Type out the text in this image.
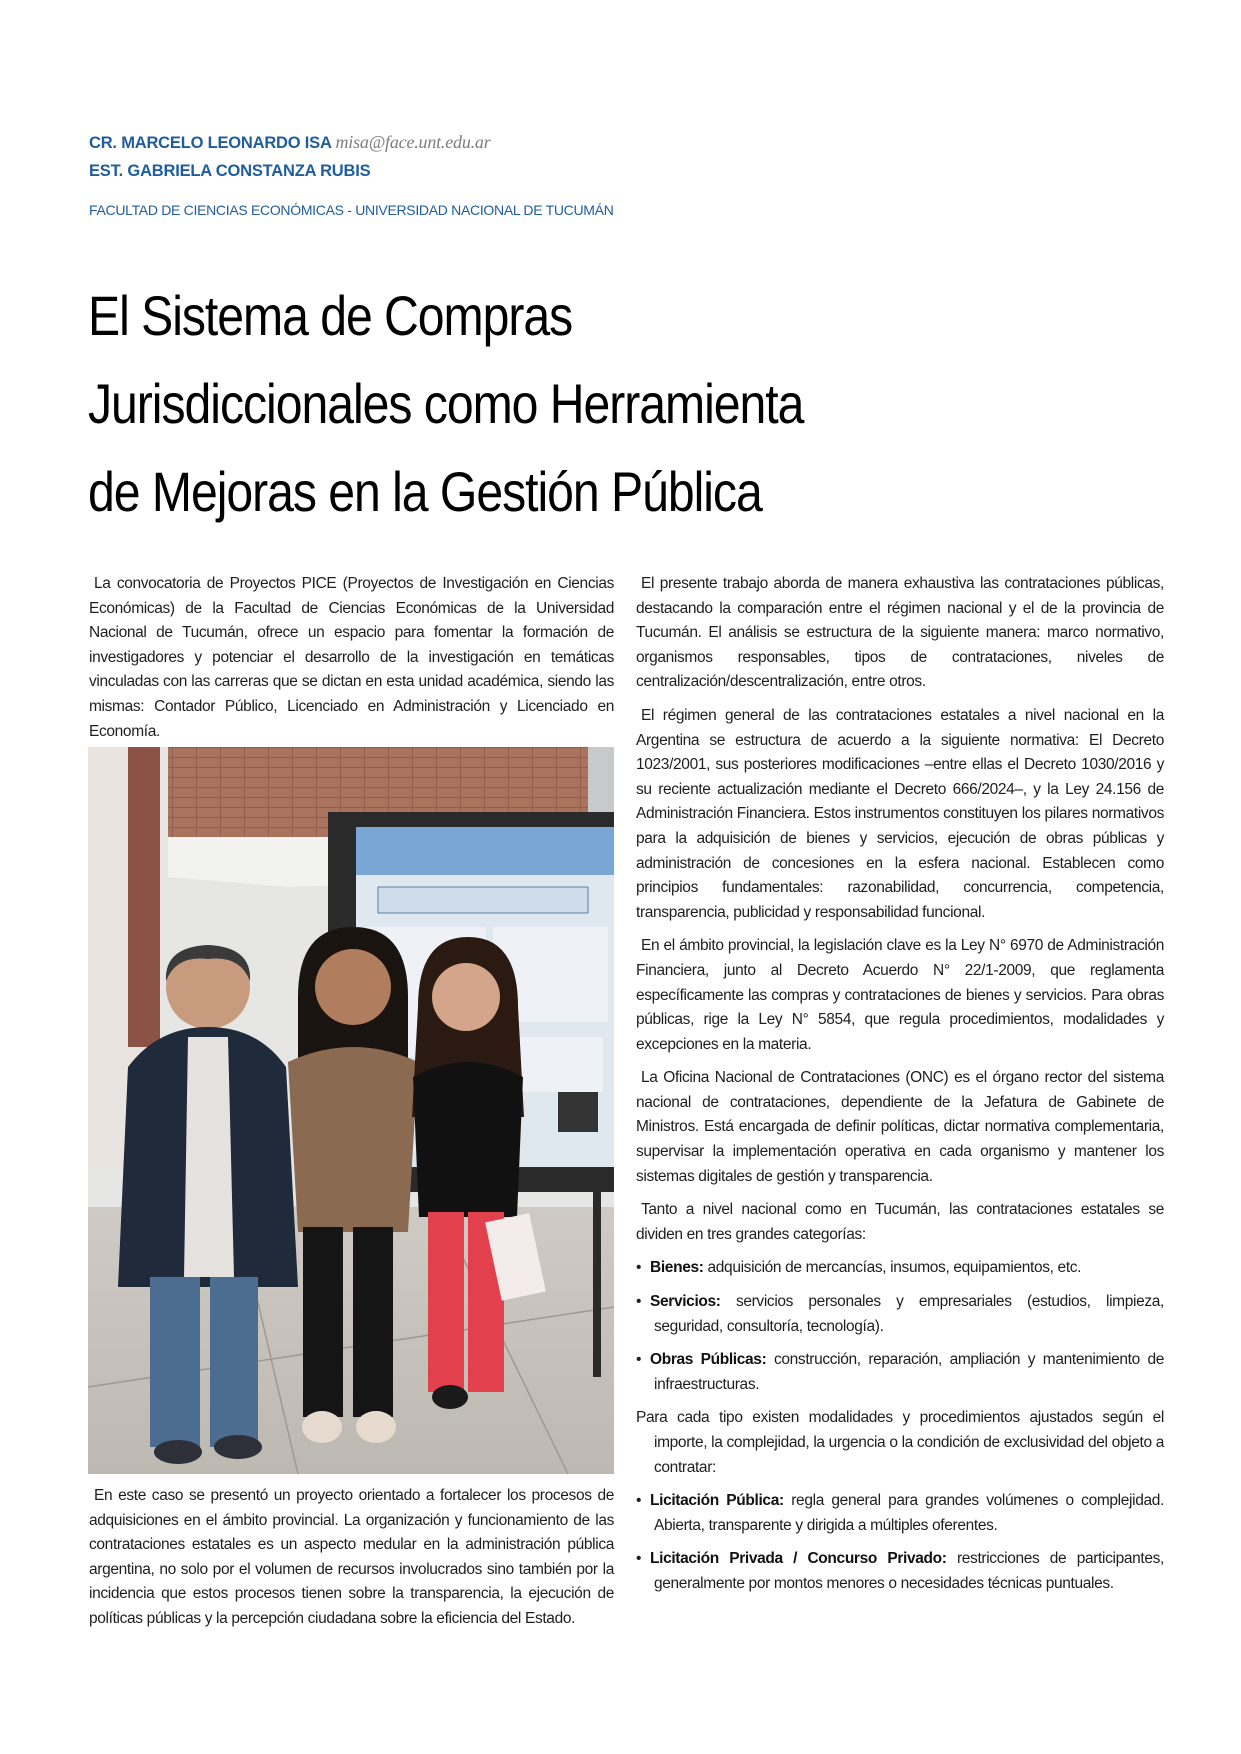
CR. MARCELO LEONARDO ISA misa@face.unt.edu.ar
EST. GABRIELA CONSTANZA RUBIS
FACULTAD DE CIENCIAS ECONÓMICAS - UNIVERSIDAD NACIONAL DE TUCUMÁN
El Sistema de Compras
Jurisdiccionales como Herramienta
de Mejoras en la Gestión Pública

La convocatoria de Proyectos PICE (Proyectos de Investigación en Ciencias Económicas) de la Facultad de Ciencias Económicas de la Universidad Nacional de Tucumán, ofrece un espacio para fomentar la formación de investigadores y potenciar el desarrollo de la investigación en temáticas vinculadas con las carreras que se dictan en esta unidad académica, siendo las mismas: Contador Público, Licenciado en Administración y Licenciado en Economía.

En este caso se presentó un proyecto orientado a fortalecer los procesos de adquisiciones en el ámbito provincial. La organización y funcionamiento de las contrataciones estatales es un aspecto medular en la administración pública argentina, no solo por el volumen de recursos involucrados sino también por la incidencia que estos procesos tienen sobre la transparencia, la ejecución de políticas públicas y la percepción ciudadana sobre la eficiencia del Estado.

El presente trabajo aborda de manera exhaustiva las contrataciones públicas, destacando la comparación entre el régimen nacional y el de la provincia de Tucumán. El análisis se estructura de la siguiente manera: marco normativo, organismos responsables, tipos de contrataciones, niveles de centralización/descentralización, entre otros.

El régimen general de las contrataciones estatales a nivel nacional en la Argentina se estructura de acuerdo a la siguiente normativa: El Decreto 1023/2001, sus posteriores modificaciones –entre ellas el Decreto 1030/2016 y su reciente actualización mediante el Decreto 666/2024–, y la Ley 24.156 de Administración Financiera. Estos instrumentos constituyen los pilares normativos para la adquisición de bienes y servicios, ejecución de obras públicas y administración de concesiones en la esfera nacional. Establecen como principios fundamentales: razonabilidad, concurrencia, competencia, transparencia, publicidad y responsabilidad funcional.

En el ámbito provincial, la legislación clave es la Ley N° 6970 de Administración Financiera, junto al Decreto Acuerdo N° 22/1-2009, que reglamenta específicamente las compras y contrataciones de bienes y servicios. Para obras públicas, rige la Ley N° 5854, que regula procedimientos, modalidades y excepciones en la materia.

La Oficina Nacional de Contrataciones (ONC) es el órgano rector del sistema nacional de contrataciones, dependiente de la Jefatura de Gabinete de Ministros. Está encargada de definir políticas, dictar normativa complementaria, supervisar la implementación operativa en cada organismo y mantener los sistemas digitales de gestión y transparencia.

Tanto a nivel nacional como en Tucumán, las contrataciones estatales se dividen en tres grandes categorías:

• Bienes: adquisición de mercancías, insumos, equipamientos, etc.

• Servicios: servicios personales y empresariales (estudios, limpieza, seguridad, consultoría, tecnología).

• Obras Públicas: construcción, reparación, ampliación y mantenimiento de infraestructuras.

Para cada tipo existen modalidades y procedimientos ajustados según el importe, la complejidad, la urgencia o la condición de exclusividad del objeto a contratar:

• Licitación Pública: regla general para grandes volúmenes o complejidad. Abierta, transparente y dirigida a múltiples oferentes.

• Licitación Privada / Concurso Privado: restricciones de participantes, generalmente por montos menores o necesidades técnicas puntuales.
